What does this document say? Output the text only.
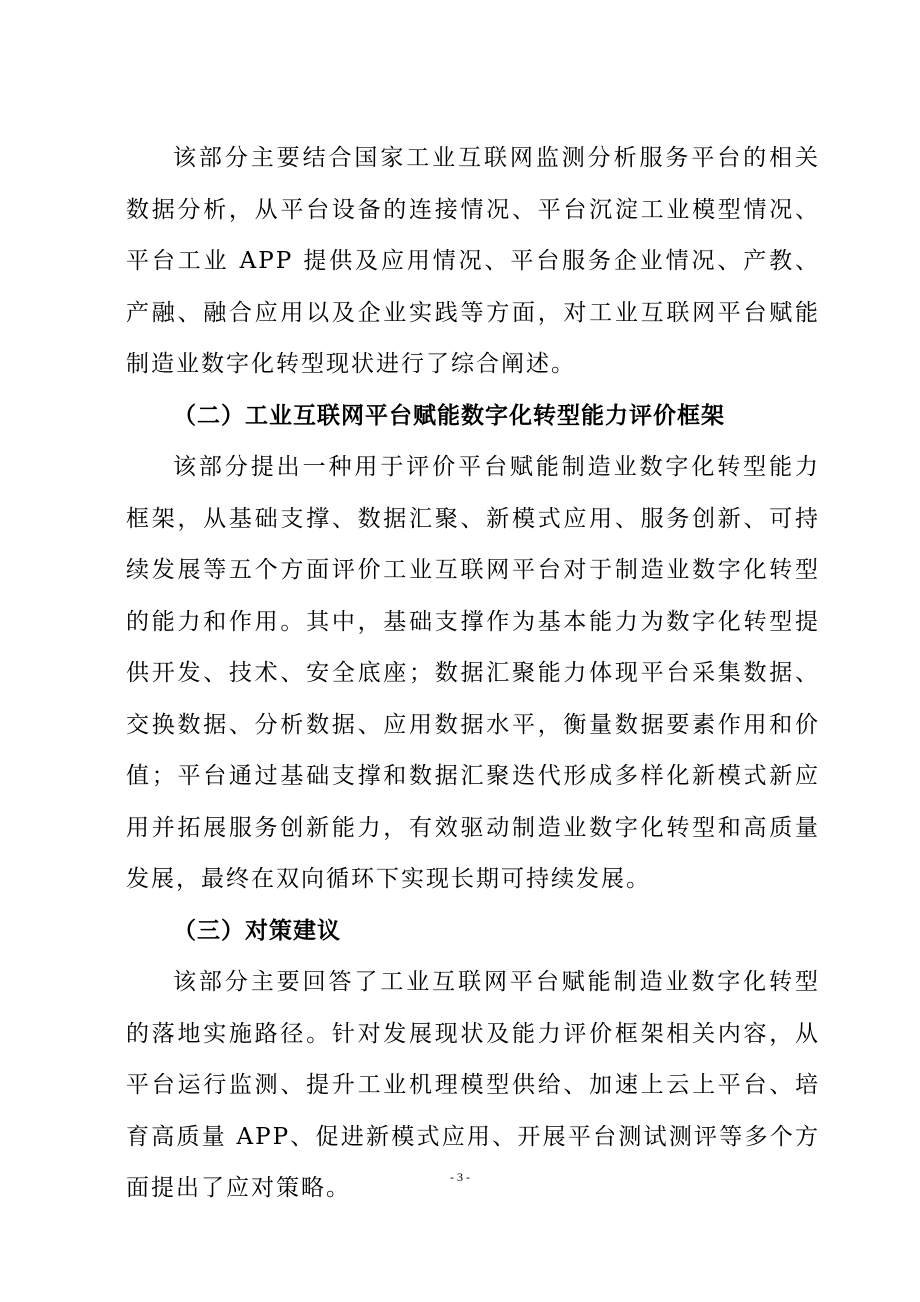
该部分主要结合国家工业互联网监测分析服务平台的相关数据分析，从平台设备的连接情况、平台沉淀工业模型情况、平台工业 APP 提供及应用情况、平台服务企业情况、产教、产融、融合应用以及企业实践等方面，对工业互联网平台赋能制造业数字化转型现状进行了综合阐述。

（二）工业互联网平台赋能数字化转型能力评价框架

该部分提出一种用于评价平台赋能制造业数字化转型能力框架，从基础支撑、数据汇聚、新模式应用、服务创新、可持续发展等五个方面评价工业互联网平台对于制造业数字化转型的能力和作用。其中，基础支撑作为基本能力为数字化转型提供开发、技术、安全底座；数据汇聚能力体现平台采集数据、交换数据、分析数据、应用数据水平，衡量数据要素作用和价值；平台通过基础支撑和数据汇聚迭代形成多样化新模式新应用并拓展服务创新能力，有效驱动制造业数字化转型和高质量发展，最终在双向循环下实现长期可持续发展。

（三）对策建议

该部分主要回答了工业互联网平台赋能制造业数字化转型的落地实施路径。针对发展现状及能力评价框架相关内容，从平台运行监测、提升工业机理模型供给、加速上云上平台、培育高质量 APP、促进新模式应用、开展平台测试测评等多个方面提出了应对策略。	- 3 -
